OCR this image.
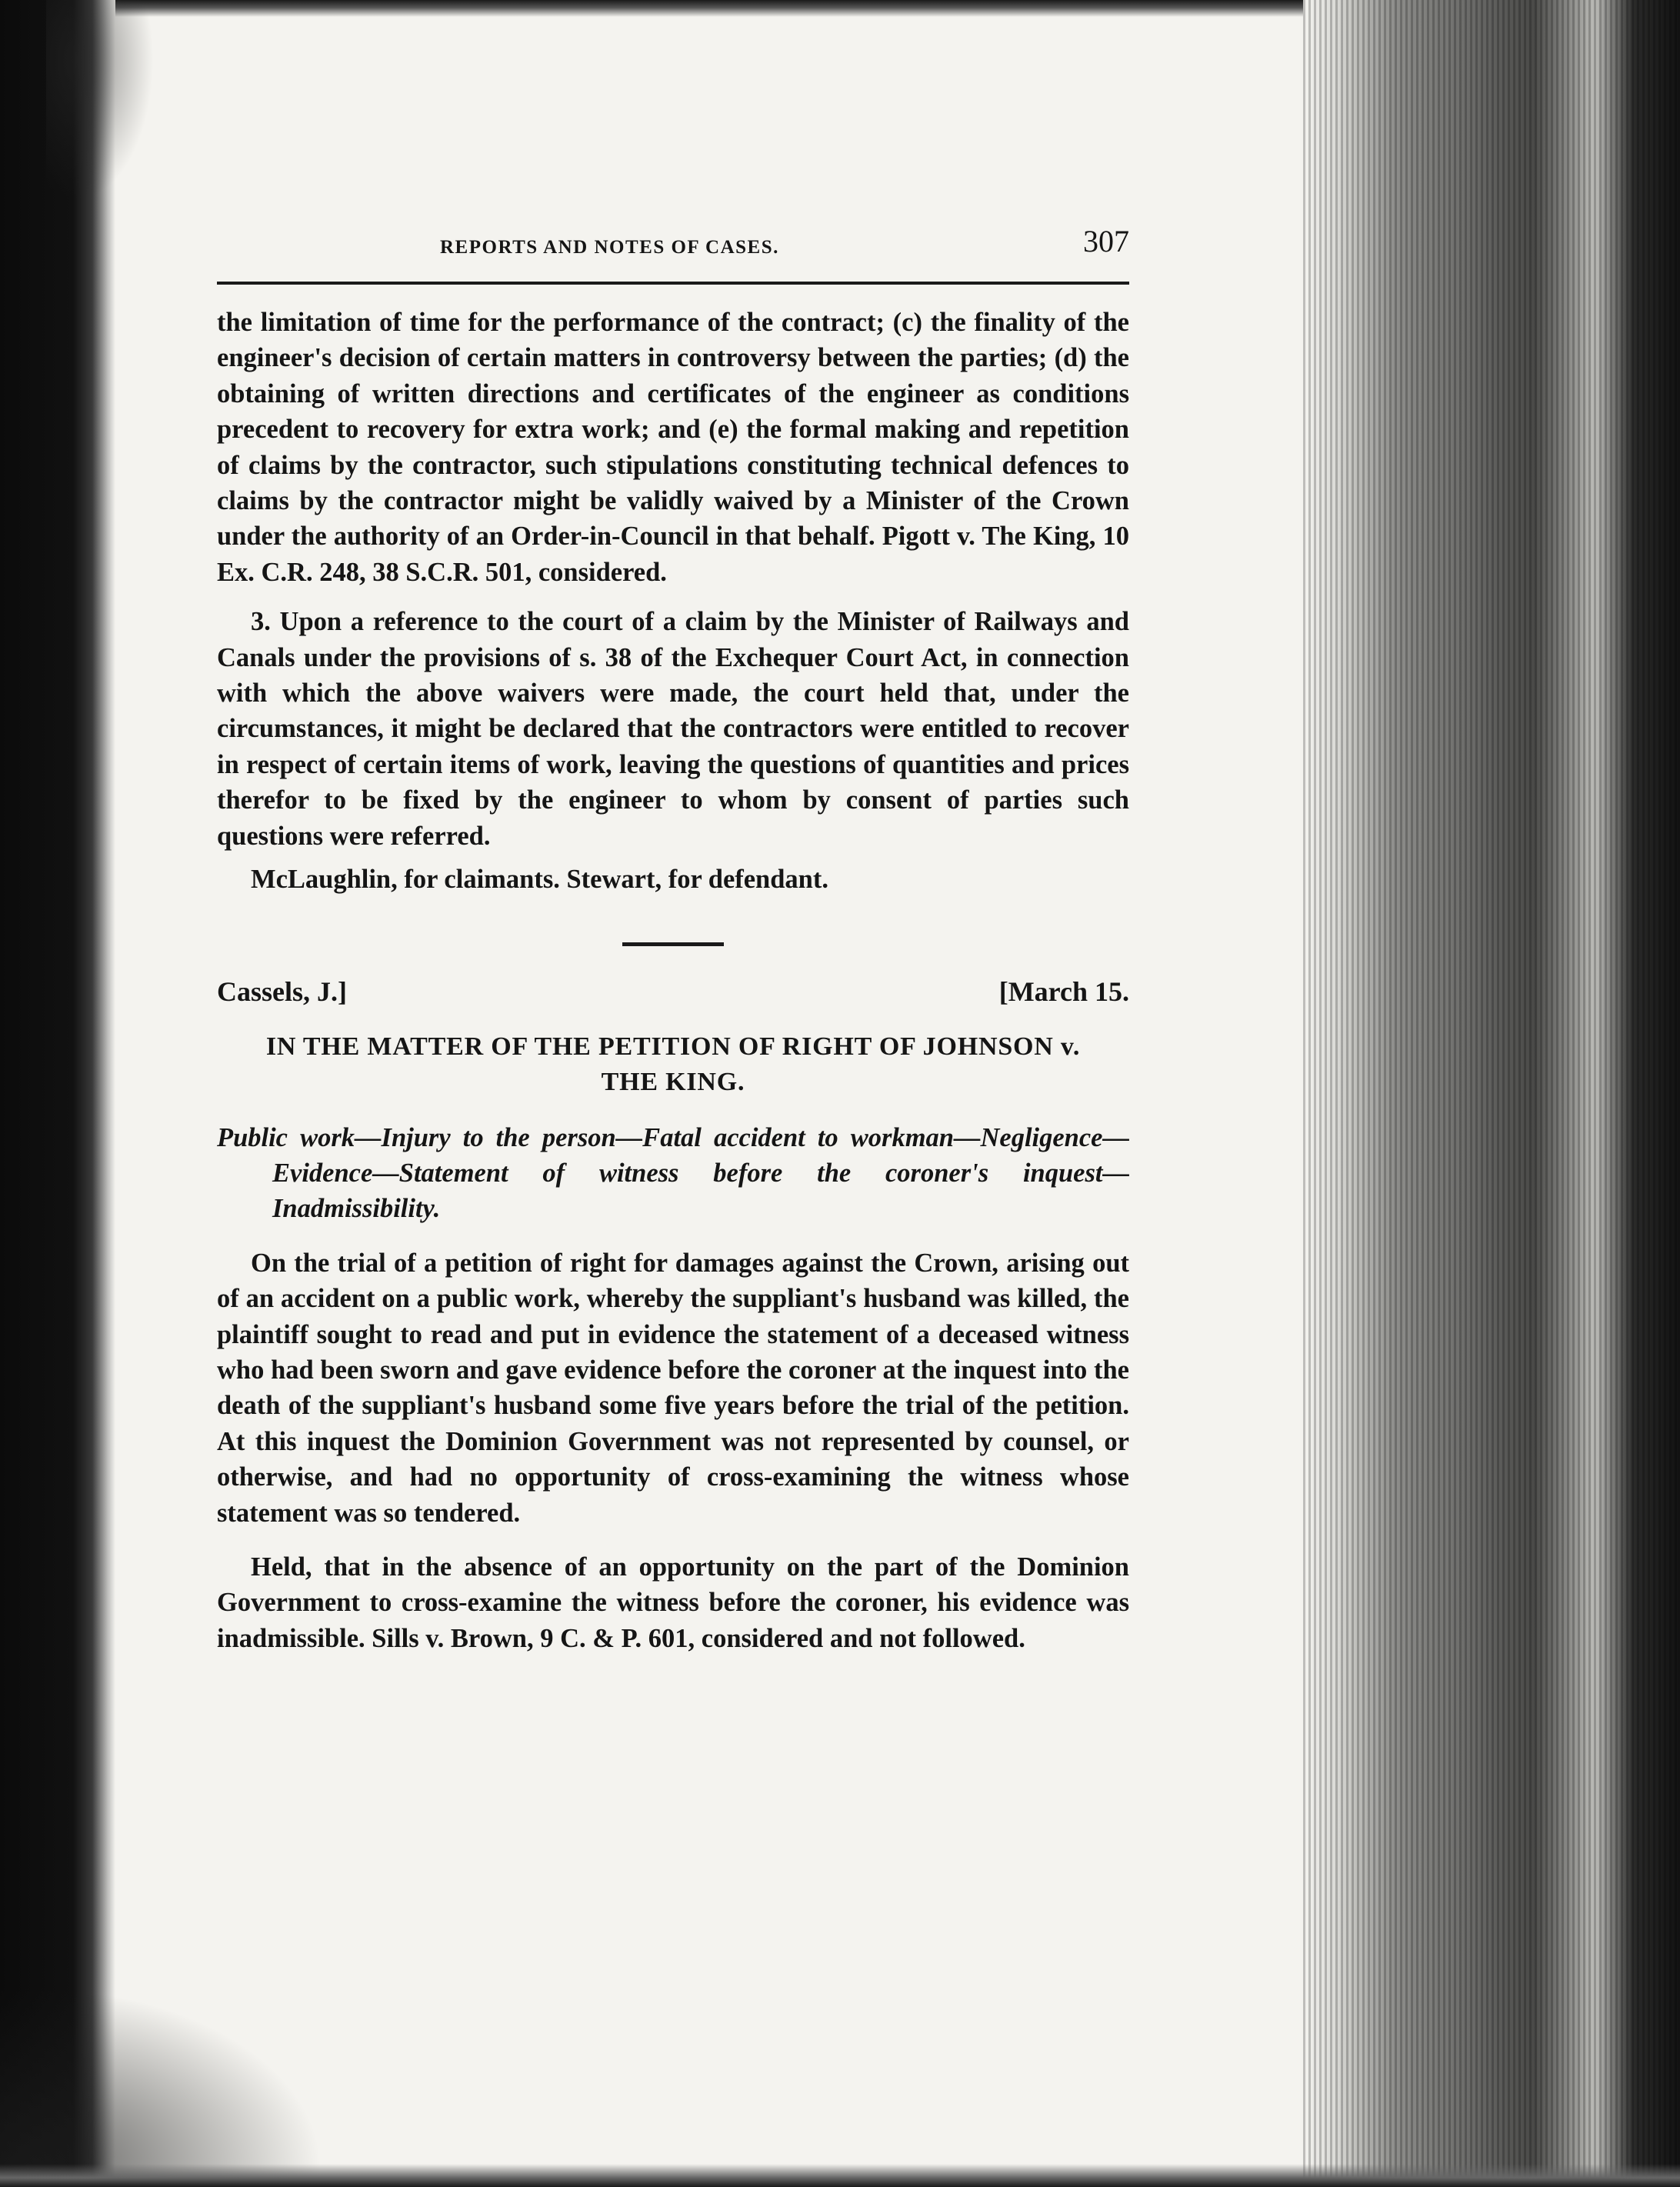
REPORTS AND NOTES OF CASES.	307

the limitation of time for the performance of the contract; (c) the finality of the engineer's decision of certain matters in controversy between the parties; (d) the obtaining of written directions and certificates of the engineer as conditions precedent to recovery for extra work; and (e) the formal making and repetition of claims by the contractor, such stipulations constituting technical defences to claims by the contractor might be validly waived by a Minister of the Crown under the authority of an Order-in-Council in that behalf. Pigott v. The King, 10 Ex. C.R. 248, 38 S.C.R. 501, considered.

3. Upon a reference to the court of a claim by the Minister of Railways and Canals under the provisions of s. 38 of the Exchequer Court Act, in connection with which the above waivers were made, the court held that, under the circumstances, it might be declared that the contractors were entitled to recover in respect of certain items of work, leaving the questions of quantities and prices therefor to be fixed by the engineer to whom by consent of parties such questions were referred.

McLaughlin, for claimants. Stewart, for defendant.

Cassels, J.]	[March 15.
IN THE MATTER OF THE PETITION OF RIGHT OF JOHNSON v.
THE KING.

Public work—Injury to the person—Fatal accident to workman—Negligence—Evidence—Statement of witness before the coroner's inquest—Inadmissibility.

On the trial of a petition of right for damages against the Crown, arising out of an accident on a public work, whereby the suppliant's husband was killed, the plaintiff sought to read and put in evidence the statement of a deceased witness who had been sworn and gave evidence before the coroner at the inquest into the death of the suppliant's husband some five years before the trial of the petition. At this inquest the Dominion Government was not represented by counsel, or otherwise, and had no opportunity of cross-examining the witness whose statement was so tendered.

Held, that in the absence of an opportunity on the part of the Dominion Government to cross-examine the witness before the coroner, his evidence was inadmissible. Sills v. Brown, 9 C. & P. 601, considered and not followed.
